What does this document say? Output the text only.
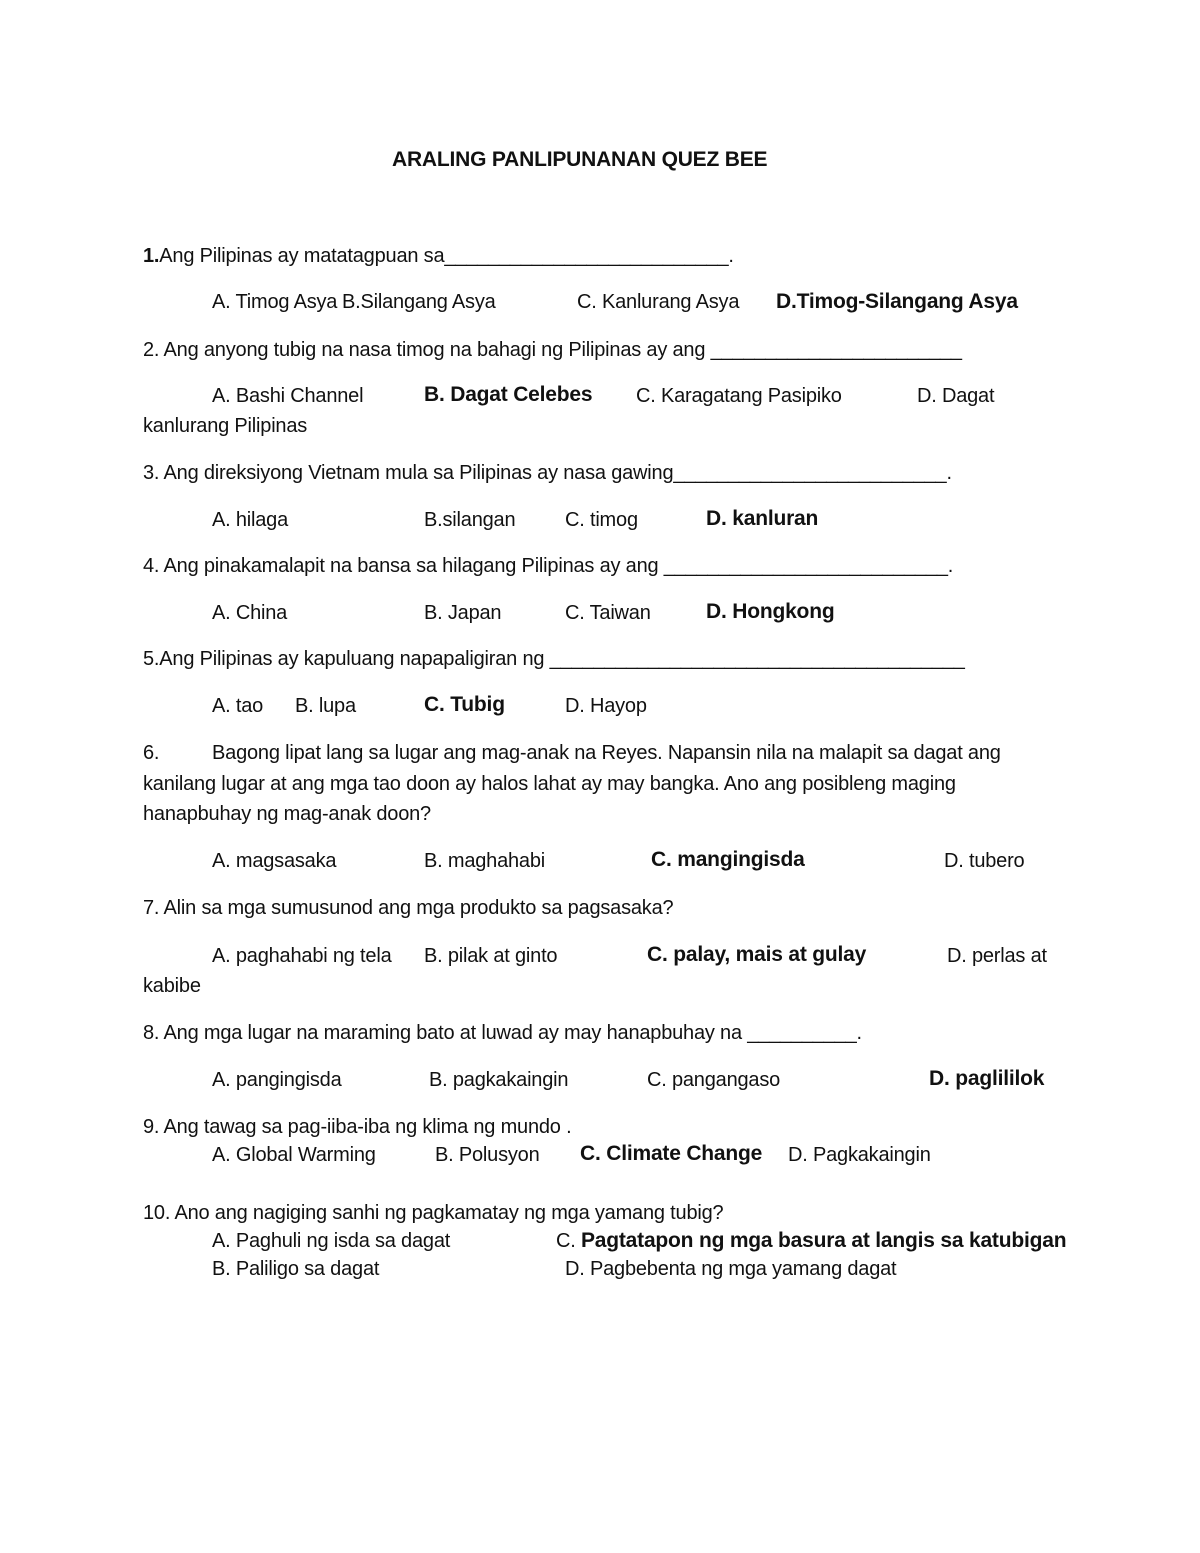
ARALING PANLIPUNANAN QUEZ BEE
1.Ang Pilipinas ay matatagpuan sa__________________________.
A. Timog Asya B.Silangang Asya	C. Kanlurang Asya D.Timog-Silangang Asya
2. Ang anyong tubig na nasa timog na bahagi ng Pilipinas ay ang _______________________
A. Bashi Channel	B. Dagat Celebes C. Karagatang Pasipiko	D. Dagat
kanlurang Pilipinas
3. Ang direksiyong Vietnam mula sa Pilipinas ay nasa gawing_________________________.
A. hilaga	B.silangan C. timog	D. kanluran
4. Ang pinakamalapit na bansa sa hilagang Pilipinas ay ang __________________________.
A. China	B. Japan	C. Taiwan	D. Hongkong
5.Ang Pilipinas ay kapuluang napapaligiran ng ______________________________________
A. tao B. lupa	C. Tubig	D. Hayop
6.	Bagong lipat lang sa lugar ang mag-anak na Reyes. Napansin nila na malapit sa dagat ang
kanilang lugar at ang mga tao doon ay halos lahat ay may bangka. Ano ang posibleng maging
hanapbuhay ng mag-anak doon?
A. magsasaka	B. maghahabi	C. mangingisda	D. tubero
7. Alin sa mga sumusunod ang mga produkto sa pagsasaka?
A. paghahabi ng tela B. pilak at ginto	C. palay, mais at gulay	D. perlas at
kabibe
8. Ang mga lugar na maraming bato at luwad ay may hanapbuhay na __________.
A. pangingisda	B. pagkakaingin	C. pangangaso	D. paglililok
9. Ang tawag sa pag-iiba-iba ng klima ng mundo .
A. Global Warming	B. Polusyon C. Climate Change D. Pagkakaingin
10. Ano ang nagiging sanhi ng pagkamatay ng mga yamang tubig?
A. Paghuli ng isda sa dagat	C. Pagtatapon ng mga basura at langis sa katubigan
B. Paliligo sa dagat	D. Pagbebenta ng mga yamang dagat
